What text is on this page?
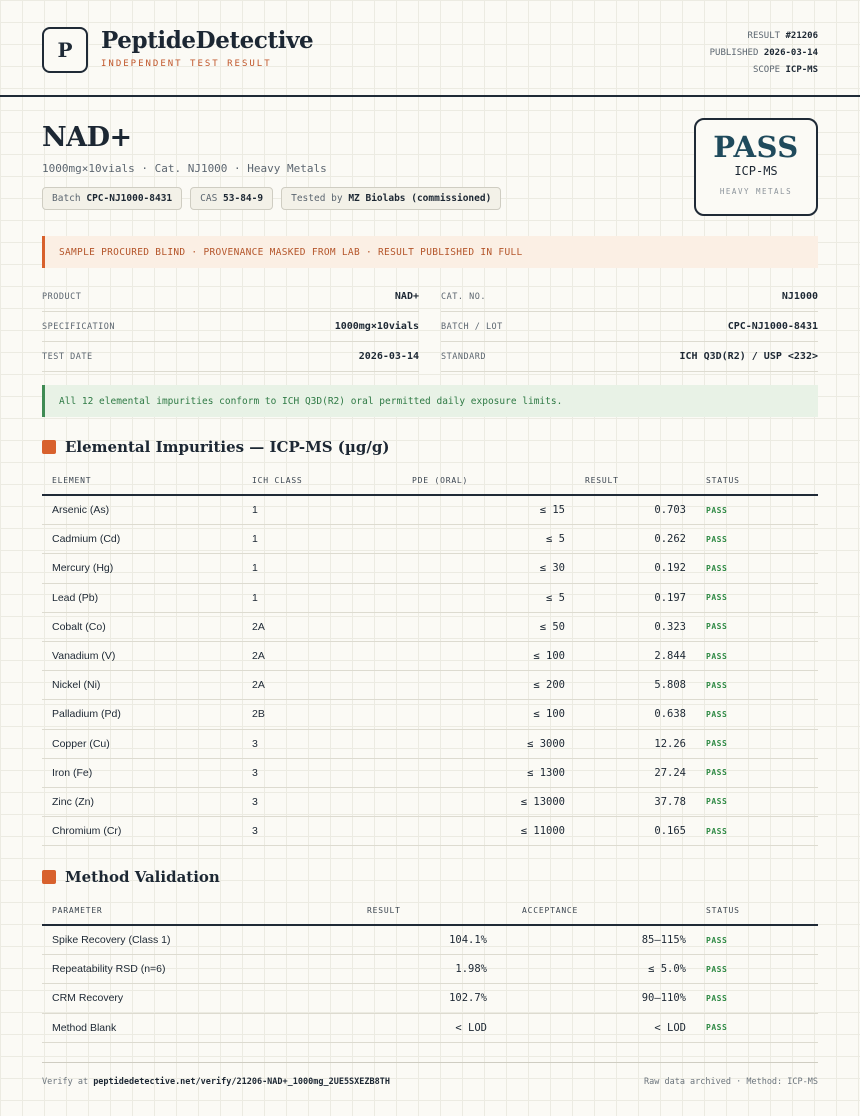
P	PeptideDetective
INDEPENDENT TEST RESULT
RESULT #21206
PUBLISHED 2026-03-14
SCOPE ICP-MS
NAD+
1000mg×10vials · Cat. NJ1000 · Heavy Metals
Batch CPC-NJ1000-8431	CAS 53-84-9	Tested by MZ Biolabs (commissioned)
PASS
ICP-MS
HEAVY METALS
SAMPLE PROCURED BLIND · PROVENANCE MASKED FROM LAB · RESULT PUBLISHED IN FULL
PRODUCT	NAD+
SPECIFICATION	1000mg×10vials
TEST DATE	2026-03-14
CAT. NO.	NJ1000
BATCH / LOT	CPC-NJ1000-8431
STANDARD	ICH Q3D(R2) / USP <232>
All 12 elemental impurities conform to ICH Q3D(R2) oral permitted daily exposure limits.
Elemental Impurities — ICP-MS (µg/g)
ELEMENT	ICH CLASS	PDE (ORAL)	RESULT	STATUS
Arsenic (As)	1	≤ 15	0.703	PASS
Cadmium (Cd)	1	≤ 5	0.262	PASS
Mercury (Hg)	1	≤ 30	0.192	PASS
Lead (Pb)	1	≤ 5	0.197	PASS
Cobalt (Co)	2A	≤ 50	0.323	PASS
Vanadium (V)	2A	≤ 100	2.844	PASS
Nickel (Ni)	2A	≤ 200	5.808	PASS
Palladium (Pd)	2B	≤ 100	0.638	PASS
Copper (Cu)	3	≤ 3000	12.26	PASS
Iron (Fe)	3	≤ 1300	27.24	PASS
Zinc (Zn)	3	≤ 13000	37.78	PASS
Chromium (Cr)	3	≤ 11000	0.165	PASS
Method Validation
PARAMETER	RESULT	ACCEPTANCE	STATUS
Spike Recovery (Class 1)	104.1%	85–115%	PASS
Repeatability RSD (n=6)	1.98%	≤ 5.0%	PASS
CRM Recovery	102.7%	90–110%	PASS
Method Blank	< LOD	< LOD	PASS
Verify at peptidedetective.net/verify/21206-NAD+_1000mg_2UE5SXEZB8TH	Raw data archived · Method: ICP-MS
